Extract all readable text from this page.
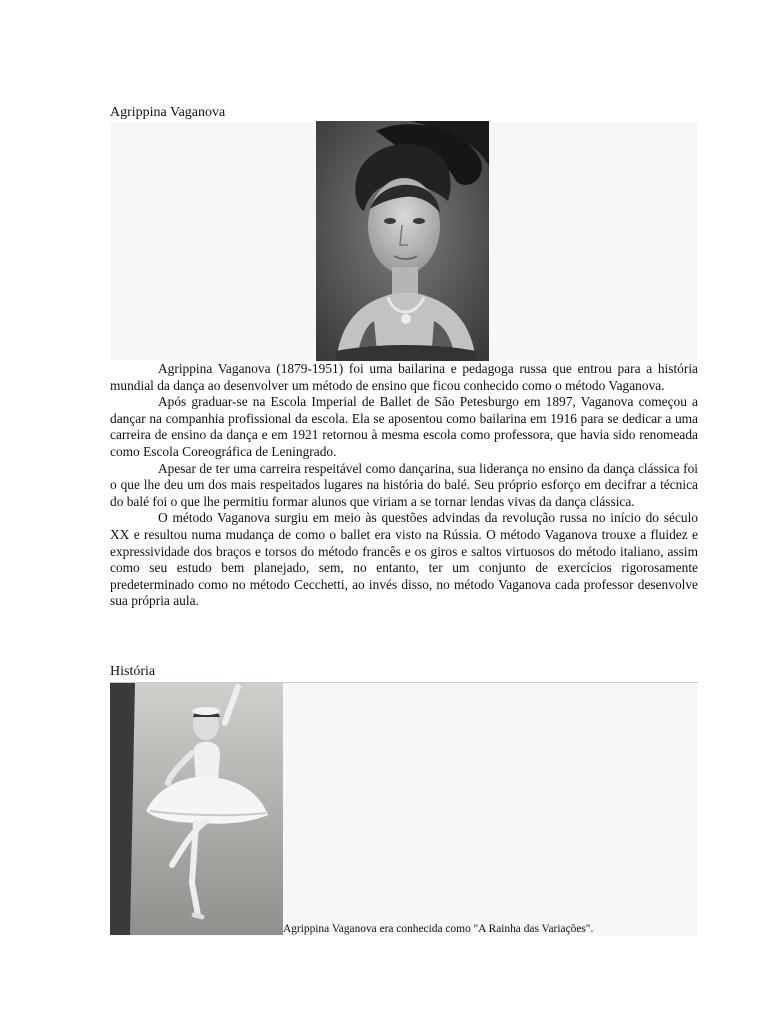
Agrippina Vaganova

Agrippina Vaganova (1879-1951) foi uma bailarina e pedagoga russa que entrou para a história mundial da dança ao desenvolver um método de ensino que ficou conhecido como o método Vaganova.

Após graduar-se na Escola Imperial de Ballet de São Petesburgo em 1897, Vaganova começou a dançar na companhia profissional da escola. Ela se aposentou como bailarina em 1916 para se dedicar a uma carreira de ensino da dança e em 1921 retornou à mesma escola como professora, que havia sido renomeada como Escola Coreográfica de Leningrado.

Apesar de ter uma carreira respeitável como dançarina, sua liderança no ensino da dança clássica foi o que lhe deu um dos mais respeitados lugares na história do balé. Seu próprio esforço em decifrar a técnica do balé foi o que lhe permitiu formar alunos que viriam a se tornar lendas vivas da dança clássica.

O método Vaganova surgiu em meio às questões advindas da revolução russa no início do século XX e resultou numa mudança de como o ballet era visto na Rússia. O método Vaganova trouxe a fluidez e expressividade dos braços e torsos do método francês e os giros e saltos virtuosos do método italiano, assim como seu estudo bem planejado, sem, no entanto, ter um conjunto de exercícios rigorosamente predeterminado como no método Cecchetti, ao invés disso, no método Vaganova cada professor desenvolve sua própria aula.

História
Agrippina Vaganova era conhecida como "A Rainha das Variações".
